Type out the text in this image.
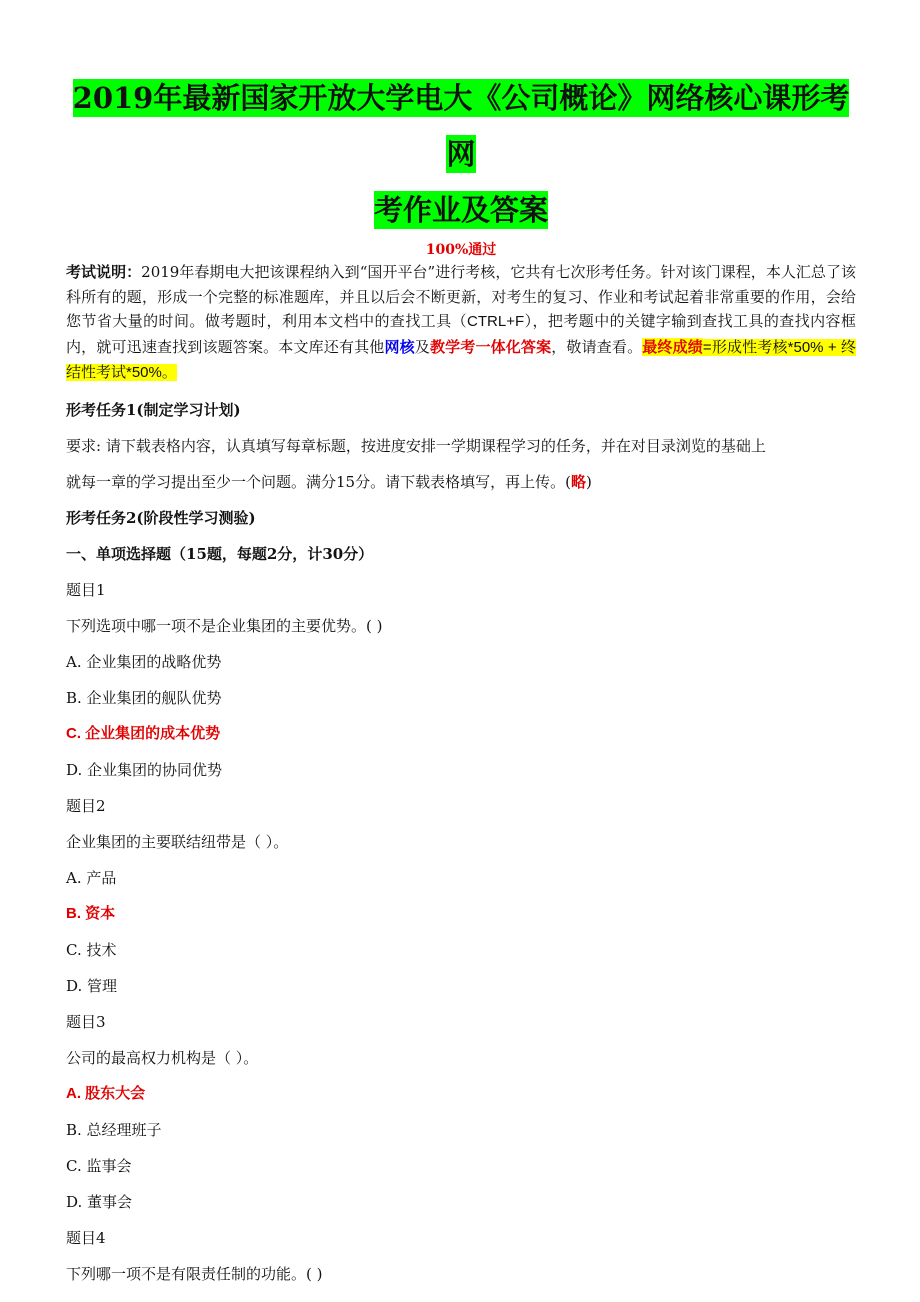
2019年最新国家开放大学电大《公司概论》网络核心课形考网
考作业及答案
100%通过

考试说明：2019年春期电大把该课程纳入到“国开平台”进行考核，它共有七次形考任务。针对该门课程，本人汇总了该科所有的题，形成一个完整的标准题库，并且以后会不断更新，对考生的复习、作业和考试起着非常重要的作用，会给您节省大量的时间。做考题时，利用本文档中的查找工具（CTRL+F），把考题中的关键字输到查找工具的查找内容框内，就可迅速查找到该题答案。本文库还有其他网核及教学考一体化答案，敬请查看。最终成绩=形成性考核*50% + 终结性考试*50%。

形考任务1(制定学习计划)
要求: 请下载表格内容，认真填写每章标题，按进度安排一学期课程学习的任务，并在对目录浏览的基础上
就每一章的学习提出至少一个问题。满分15分。请下载表格填写，再上传。(略)
形考任务2(阶段性学习测验)
一、单项选择题（15题，每题2分，计30分）
题目1
下列选项中哪一项不是企业集团的主要优势。( )
A. 企业集团的战略优势
B. 企业集团的舰队优势
C. 企业集团的成本优势
D. 企业集团的协同优势
题目2
企业集团的主要联结纽带是（ ）。
A. 产品
B. 资本
C. 技术
D. 管理
题目3
公司的最高权力机构是（ ）。
A. 股东大会
B. 总经理班子
C. 监事会
D. 董事会
题目4
下列哪一项不是有限责任制的功能。( )
